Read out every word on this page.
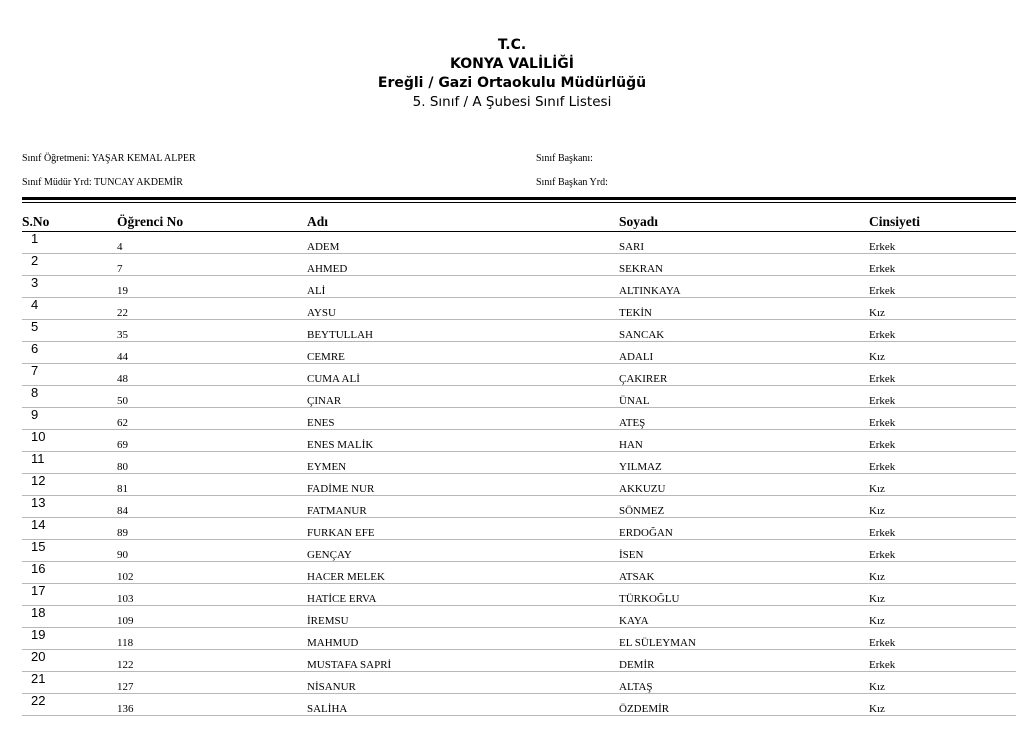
T.C.
KONYA VALİLİĞİ
Ereğli / Gazi Ortaokulu Müdürlüğü
5. Sınıf / A Şubesi Sınıf Listesi
Sınıf Öğretmeni: YAŞAR KEMAL ALPER
Sınıf Müdür Yrd: TUNCAY AKDEMİR
Sınıf Başkanı:
Sınıf Başkan Yrd:
S.No	Öğrenci No	Adı	Soyadı	Cinsiyeti
1	4	ADEM	SARI	Erkek
2	7	AHMED	SEKRAN	Erkek
3	19	ALİ	ALTINKAYA	Erkek
4	22	AYSU	TEKİN	Kız
5	35	BEYTULLAH	SANCAK	Erkek
6	44	CEMRE	ADALI	Kız
7	48	CUMA ALİ	ÇAKIRER	Erkek
8	50	ÇINAR	ÜNAL	Erkek
9	62	ENES	ATEŞ	Erkek
10	69	ENES MALİK	HAN	Erkek
11	80	EYMEN	YILMAZ	Erkek
12	81	FADİME NUR	AKKUZU	Kız
13	84	FATMANUR	SÖNMEZ	Kız
14	89	FURKAN EFE	ERDOĞAN	Erkek
15	90	GENÇAY	İSEN	Erkek
16	102	HACER MELEK	ATSAK	Kız
17	103	HATİCE ERVA	TÜRKOĞLU	Kız
18	109	İREMSU	KAYA	Kız
19	118	MAHMUD	EL SÜLEYMAN	Erkek
20	122	MUSTAFA SAPRİ	DEMİR	Erkek
21	127	NİSANUR	ALTAŞ	Kız
22	136	SALİHA	ÖZDEMİR	Kız
